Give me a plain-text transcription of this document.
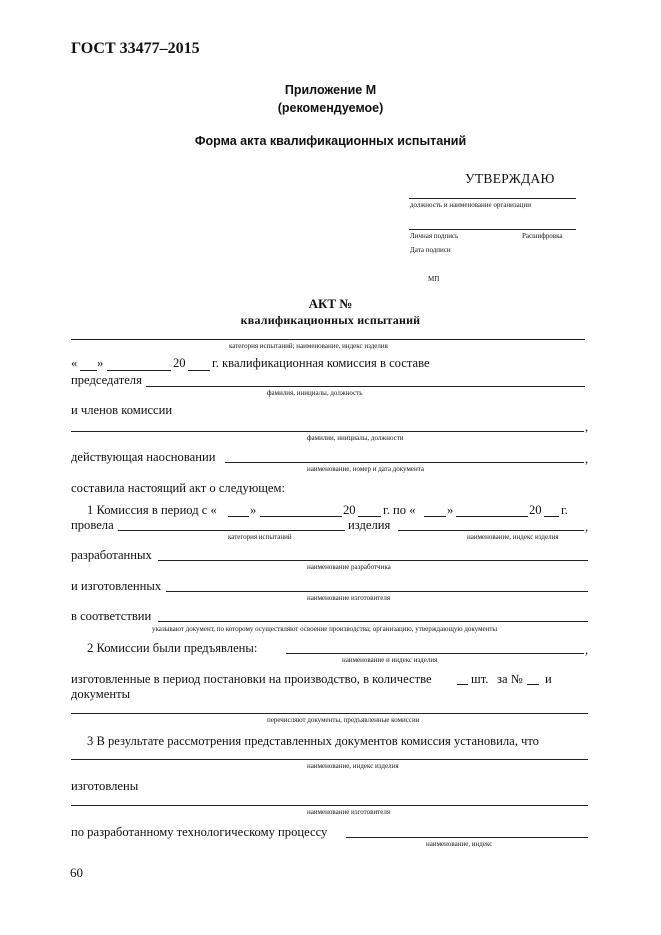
ГОСТ 33477–2015
Приложение М
(рекомендуемое)
Форма акта квалификационных испытаний
УТВЕРЖДАЮ
должность и наименование организации
Личная подпись	Расшифровка
Дата подписи
МП
АКТ №
квалификационных испытаний
категория испытаний; наименование, индекс изделия
« »	20 г. квалификационная комиссия в составе
председателя
фамилия, инициалы, должность
и членов комиссии
,
фамилии, инициалы, должности
действующая наосновании	,
наименование, номер и дата документа
составила настоящий акт о следующем:
1 Комиссия в период с «	»	20 г. по « »	20 г.
провела	изделия	,
категория испытаний	наименование, индекс изделия
разработанных
наименование разработчика
и изготовленных
наименование изготовителя
в соответствии
указывают документ, по которому осуществляют освоение производства; организацию, утверждающую документы
2 Комиссии были предъявлены:	,
наименование и индекс изделия
изготовленные в период постановки на производство, в количестве	шт. за № и
документы
перечисляют документы, предъявленные комиссии
3 В результате рассмотрения представленных документов комиссия установила, что
наименование, индекс изделия
изготовлены
наименование изготовителя
по разработанному технологическому процессу
наименование, индекс
60
